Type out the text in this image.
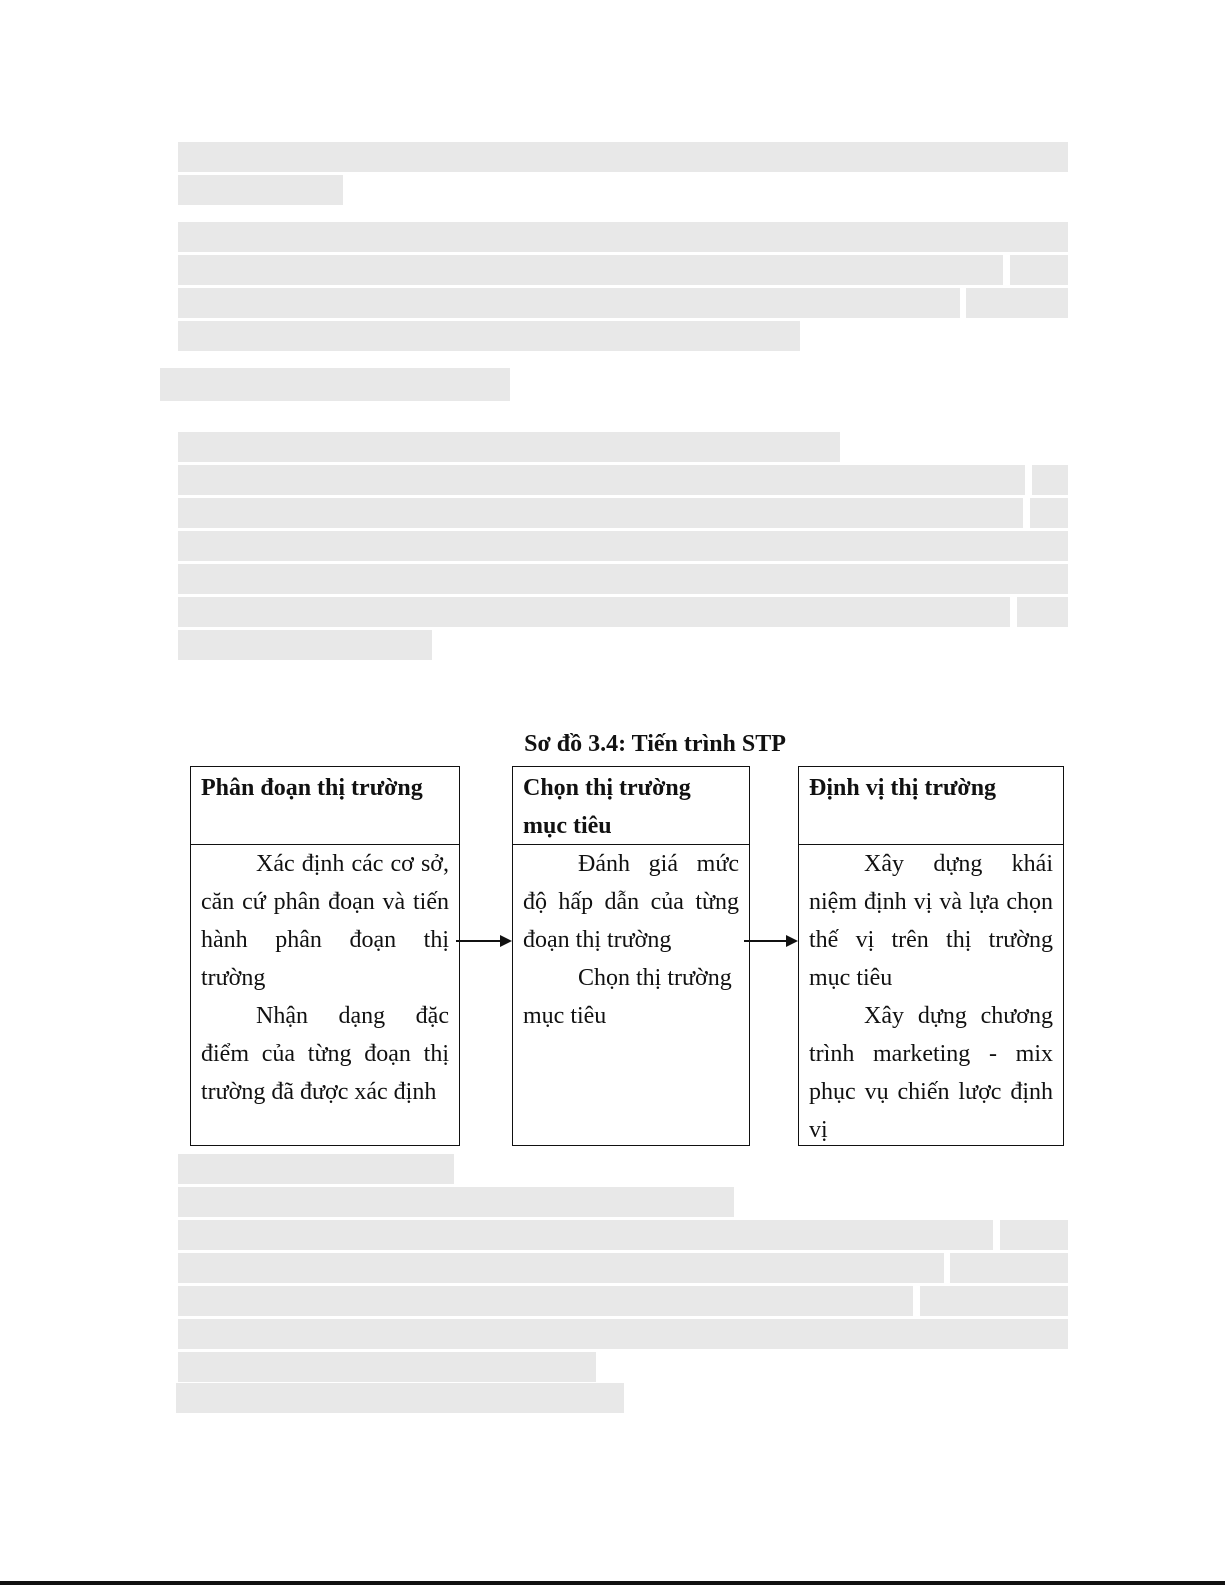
Sơ đồ 3.4: Tiến trình STP
Phân đoạn thị trường

Xác định các cơ sở, căn cứ phân đoạn và tiến hành phân đoạn thị trường

Nhận dạng đặc điểm của từng đoạn thị trường đã được xác định

Chọn thị trường mục tiêu

Đánh giá mức độ hấp dẫn của từng đoạn thị trường

Chọn thị trường mục tiêu

Định vị thị trường

Xây dựng khái niệm định vị và lựa chọn thế vị trên thị trường mục tiêu

Xây dựng chương trình marketing - mix phục vụ chiến lược định vị
